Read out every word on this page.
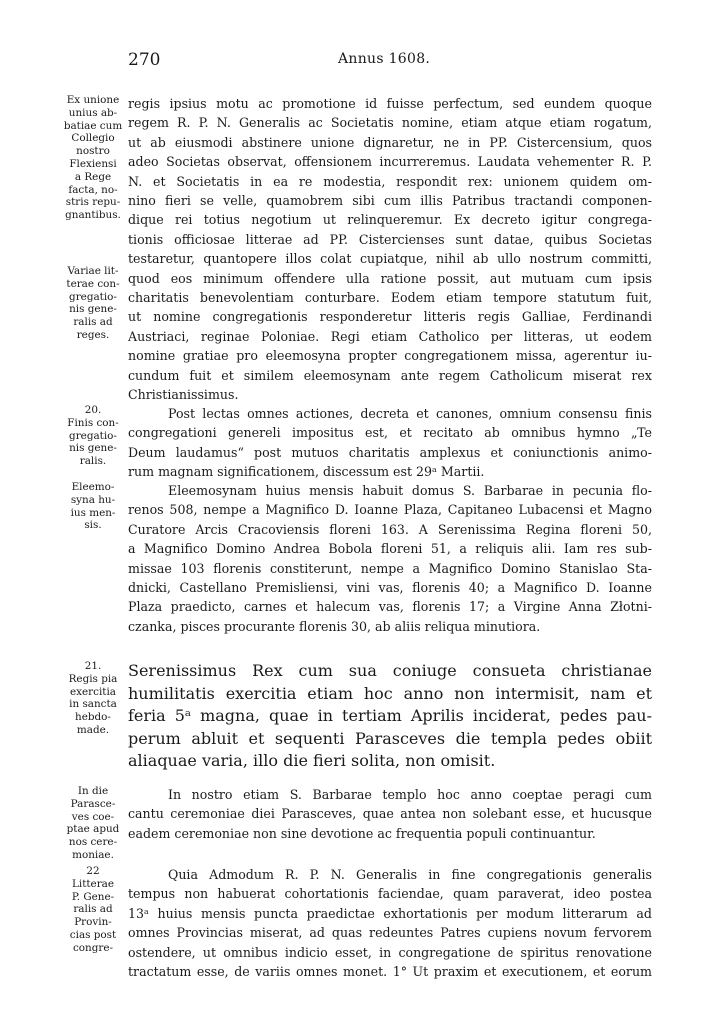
270	Annus 1608.
Ex unione
unius ab-
batiae cum
Collegio
nostro
Flexiensi
a Rege
facta, no-
stris repu-
gnantibus.
regis ipsius motu ac promotione id fuisse perfectum, sed eundem quoque
regem R. P. N. Generalis ac Societatis nomine, etiam atque etiam rogatum,
ut ab eiusmodi abstinere unione dignaretur, ne in PP. Cistercensium, quos
adeo Societas observat, offensionem incurreremus. Laudata vehementer R. P.
N. et Societatis in ea re modestia, respondit rex: unionem quidem om-
nino fieri se velle, quamobrem sibi cum illis Patribus tractandi componen-
dique rei totius negotium ut relinqueremur. Ex decreto igitur congrega-
tionis officiosae litterae ad PP. Cistercienses sunt datae, quibus Societas
testaretur, quantopere illos colat cupiatque, nihil ab ullo nostrum committi,
quod eos minimum offendere ulla ratione possit, aut mutuam cum ipsis
charitatis benevolentiam conturbare. Eodem etiam tempore statutum fuit,
ut nomine congregationis responderetur litteris regis Galliae, Ferdinandi
Austriaci, reginae Poloniae. Regi etiam Catholico per litteras, ut eodem
nomine gratiae pro eleemosyna propter congregationem missa, agerentur iu-
cundum fuit et similem eleemosynam ante regem Catholicum miserat rex
Christianissimus.
Variae lit-
terae con-
gregatio-
nis gene-
ralis ad
reges.
20.
Finis con-
gregatio-
nis gene-
ralis.
Post lectas omnes actiones, decreta et canones, omnium consensu finis
congregationi genereli impositus est, et recitato ab omnibus hymno „Te
Deum laudamus“ post mutuos charitatis amplexus et coniunctionis animo-
rum magnam significationem, discessum est 29ᵃ Martii.
Eleemo-
syna hu-
ius men-
sis.
Eleemosynam huius mensis habuit domus S. Barbarae in pecunia flo-
renos 508, nempe a Magnifico D. Ioanne Plaza, Capitaneo Lubacensi et Magno
Curatore Arcis Cracoviensis floreni 163. A Serenissima Regina floreni 50,
a Magnifico Domino Andrea Bobola floreni 51, a reliquis alii. Iam res sub-
missae 103 florenis constiterunt, nempe a Magnifico Domino Stanislao Sta-
dnicki, Castellano Premisliensi, vini vas, florenis 40; a Magnifico D. Ioanne
Plaza praedicto, carnes et halecum vas, florenis 17; a Virgine Anna Złotni-
czanka, pisces procurante florenis 30, ab aliis reliqua minutiora.
21.
Regis pia
exercitia
in sancta
hebdo-
made.
Serenissimus Rex cum sua coniuge consueta christianae
humilitatis exercitia etiam hoc anno non intermisit, nam et
feria 5ᵃ magna, quae in tertiam Aprilis inciderat, pedes pau-
perum abluit et sequenti Parasceves die templa pedes obiit
aliaquae varia, illo die fieri solita, non omisit.
In die
Parasce-
ves coe-
ptae apud
nos cere-
moniae.
In nostro etiam S. Barbarae templo hoc anno coeptae peragi cum
cantu ceremoniae diei Parasceves, quae antea non solebant esse, et hucusque
eadem ceremoniae non sine devotione ac frequentia populi continuantur.
22
Litterae
P. Gene-
ralis ad
Provin-
cias post
congre-
Quia Admodum R. P. N. Generalis in fine congregationis generalis
tempus non habuerat cohortationis faciendae, quam paraverat, ideo postea
13ᵃ huius mensis puncta praedictae exhortationis per modum litterarum ad
omnes Provincias miserat, ad quas redeuntes Patres cupiens novum fervorem
ostendere, ut omnibus indicio esset, in congregatione de spiritus renovatione
tractatum esse, de variis omnes monet. 1° Ut praxim et executionem, et eorum
